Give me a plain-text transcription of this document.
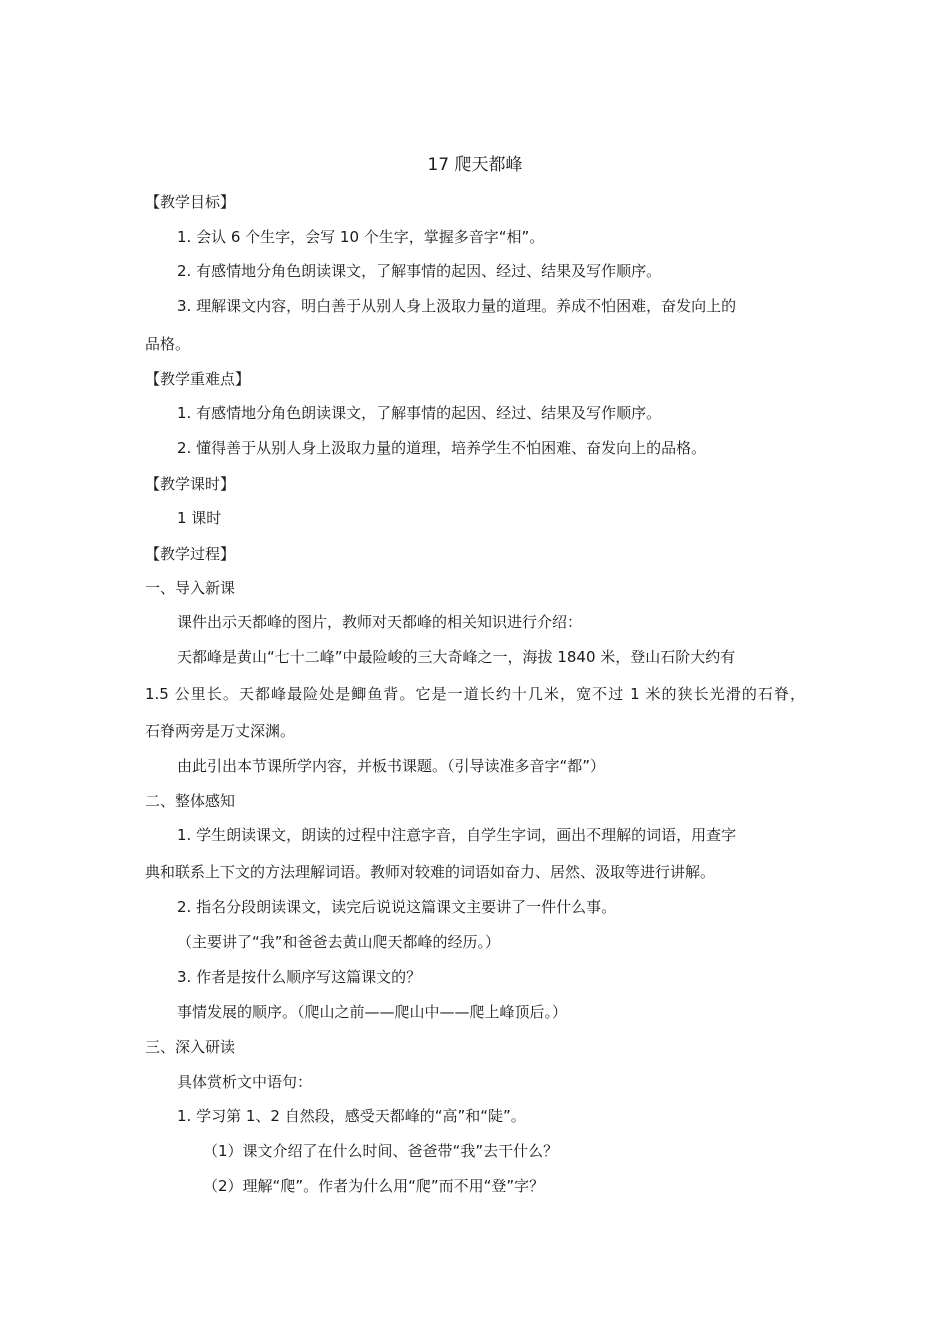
17 爬天都峰
【教学目标】
1. 会认 6 个生字，会写 10 个生字，掌握多音字“相”。
2. 有感情地分角色朗读课文，了解事情的起因、经过、结果及写作顺序。
3. 理解课文内容，明白善于从别人身上汲取力量的道理。养成不怕困难，奋发向上的
品格。
【教学重难点】
1. 有感情地分角色朗读课文，了解事情的起因、经过、结果及写作顺序。
2. 懂得善于从别人身上汲取力量的道理，培养学生不怕困难、奋发向上的品格。
【教学课时】
1 课时
【教学过程】
一、导入新课
课件出示天都峰的图片，教师对天都峰的相关知识进行介绍：
天都峰是黄山“七十二峰”中最险峻的三大奇峰之一，海拔 1840 米，登山石阶大约有
1.5 公里长。天都峰最险处是鲫鱼背。它是一道长约十几米，宽不过 1 米的狭长光滑的石脊，
石脊两旁是万丈深渊。
由此引出本节课所学内容，并板书课题。（引导读准多音字“都”）
二、整体感知
1. 学生朗读课文，朗读的过程中注意字音，自学生字词，画出不理解的词语，用查字
典和联系上下文的方法理解词语。教师对较难的词语如奋力、居然、汲取等进行讲解。
2. 指名分段朗读课文，读完后说说这篇课文主要讲了一件什么事。
（主要讲了“我”和爸爸去黄山爬天都峰的经历。）
3. 作者是按什么顺序写这篇课文的？
事情发展的顺序。（爬山之前——爬山中——爬上峰顶后。）
三、深入研读
具体赏析文中语句：
1. 学习第 1、2 自然段，感受天都峰的“高”和“陡”。
（1）课文介绍了在什么时间、爸爸带“我”去干什么？
（2）理解“爬”。作者为什么用“爬”而不用“登”字？
